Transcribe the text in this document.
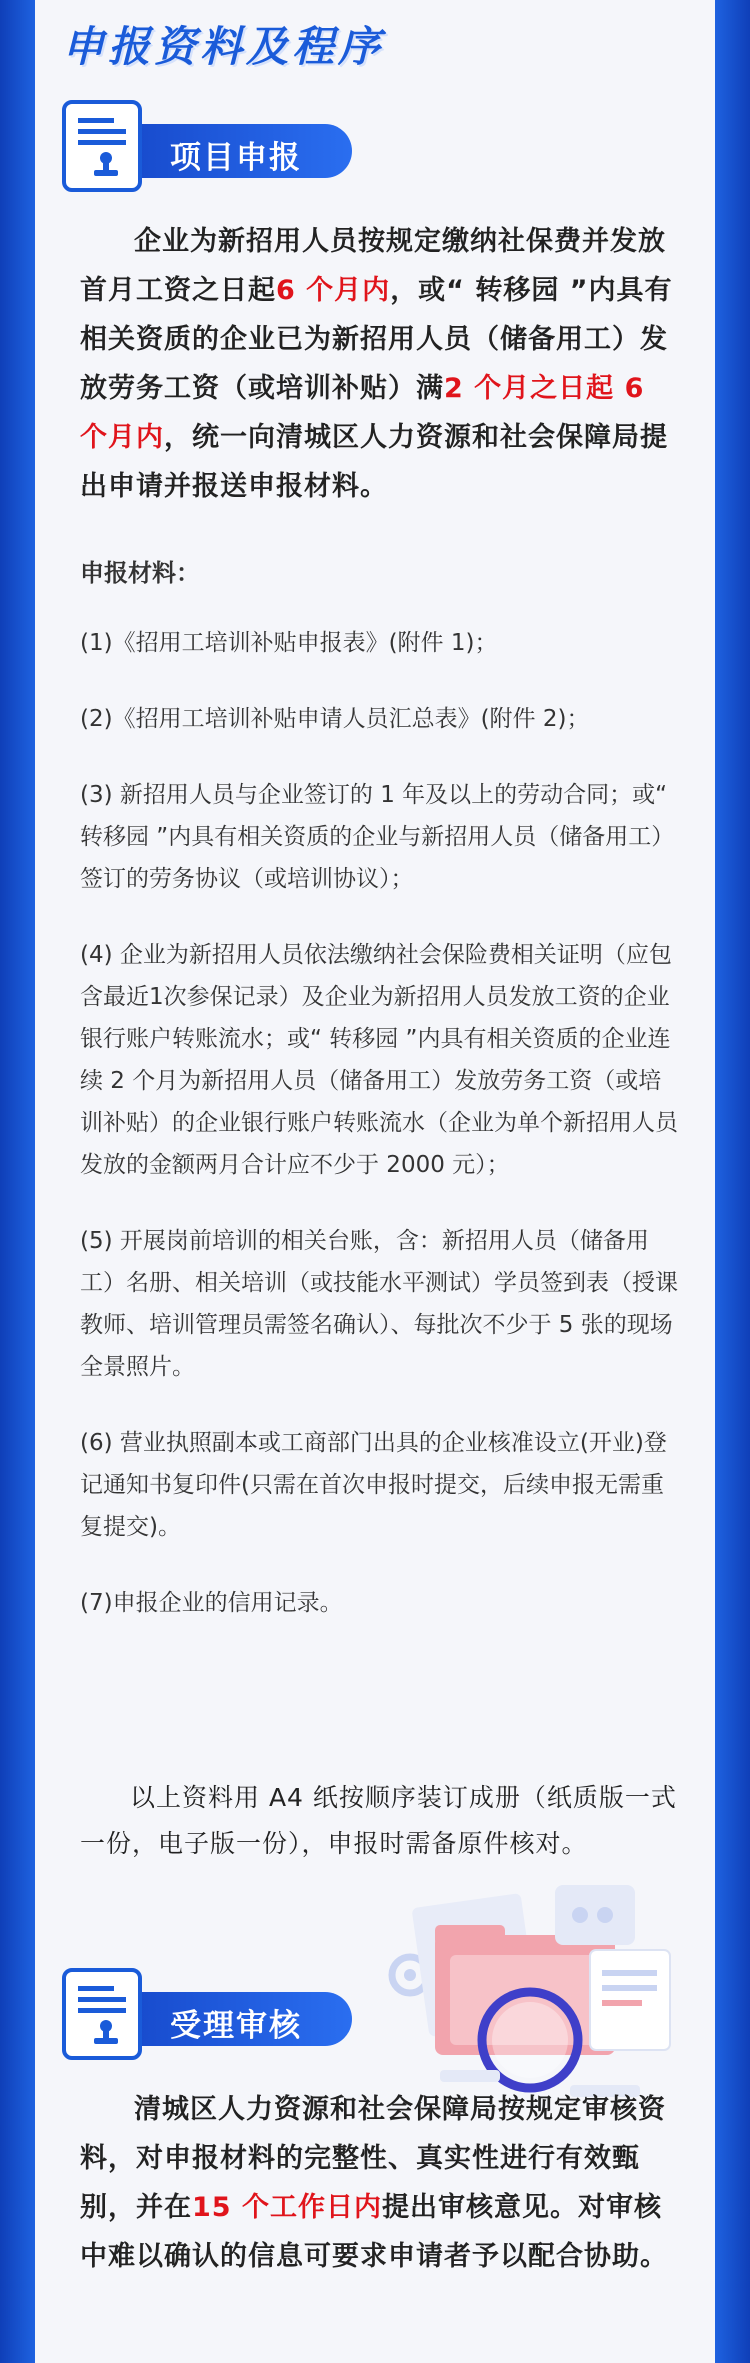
申报资料及程序
项目申报
企业为新招用人员按规定缴纳社保费并发放首月工资之日起6 个月内，或“ 转移园 ”内具有相关资质的企业已为新招用人员（储备用工）发放劳务工资（或培训补贴）满2 个月之日起 6 个月内，统一向清城区人力资源和社会保障局提出申请并报送申报材料。

申报材料：

(1)《招用工培训补贴申报表》(附件 1)；

(2)《招用工培训补贴申请人员汇总表》(附件 2)；

(3) 新招用人员与企业签订的 1 年及以上的劳动合同；或“ 转移园 ”内具有相关资质的企业与新招用人员（储备用工）签订的劳务协议（或培训协议）；

(4) 企业为新招用人员依法缴纳社会保险费相关证明（应包含最近1次参保记录）及企业为新招用人员发放工资的企业银行账户转账流水；或“ 转移园 ”内具有相关资质的企业连续 2 个月为新招用人员（储备用工）发放劳务工资（或培训补贴）的企业银行账户转账流水（企业为单个新招用人员发放的金额两月合计应不少于 2000 元）；

(5) 开展岗前培训的相关台账，含：新招用人员（储备用工）名册、相关培训（或技能水平测试）学员签到表（授课教师、培训管理员需签名确认）、每批次不少于 5 张的现场全景照片。

(6) 营业执照副本或工商部门出具的企业核准设立(开业)登记通知书复印件(只需在首次申报时提交，后续申报无需重复提交)。

(7)申报企业的信用记录。

以上资料用 A4 纸按顺序装订成册（纸质版一式一份，电子版一份），申报时需备原件核对。
受理审核
清城区人力资源和社会保障局按规定审核资料，对申报材料的完整性、真实性进行有效甄别，并在15 个工作日内提出审核意见。对审核中难以确认的信息可要求申请者予以配合协助。
